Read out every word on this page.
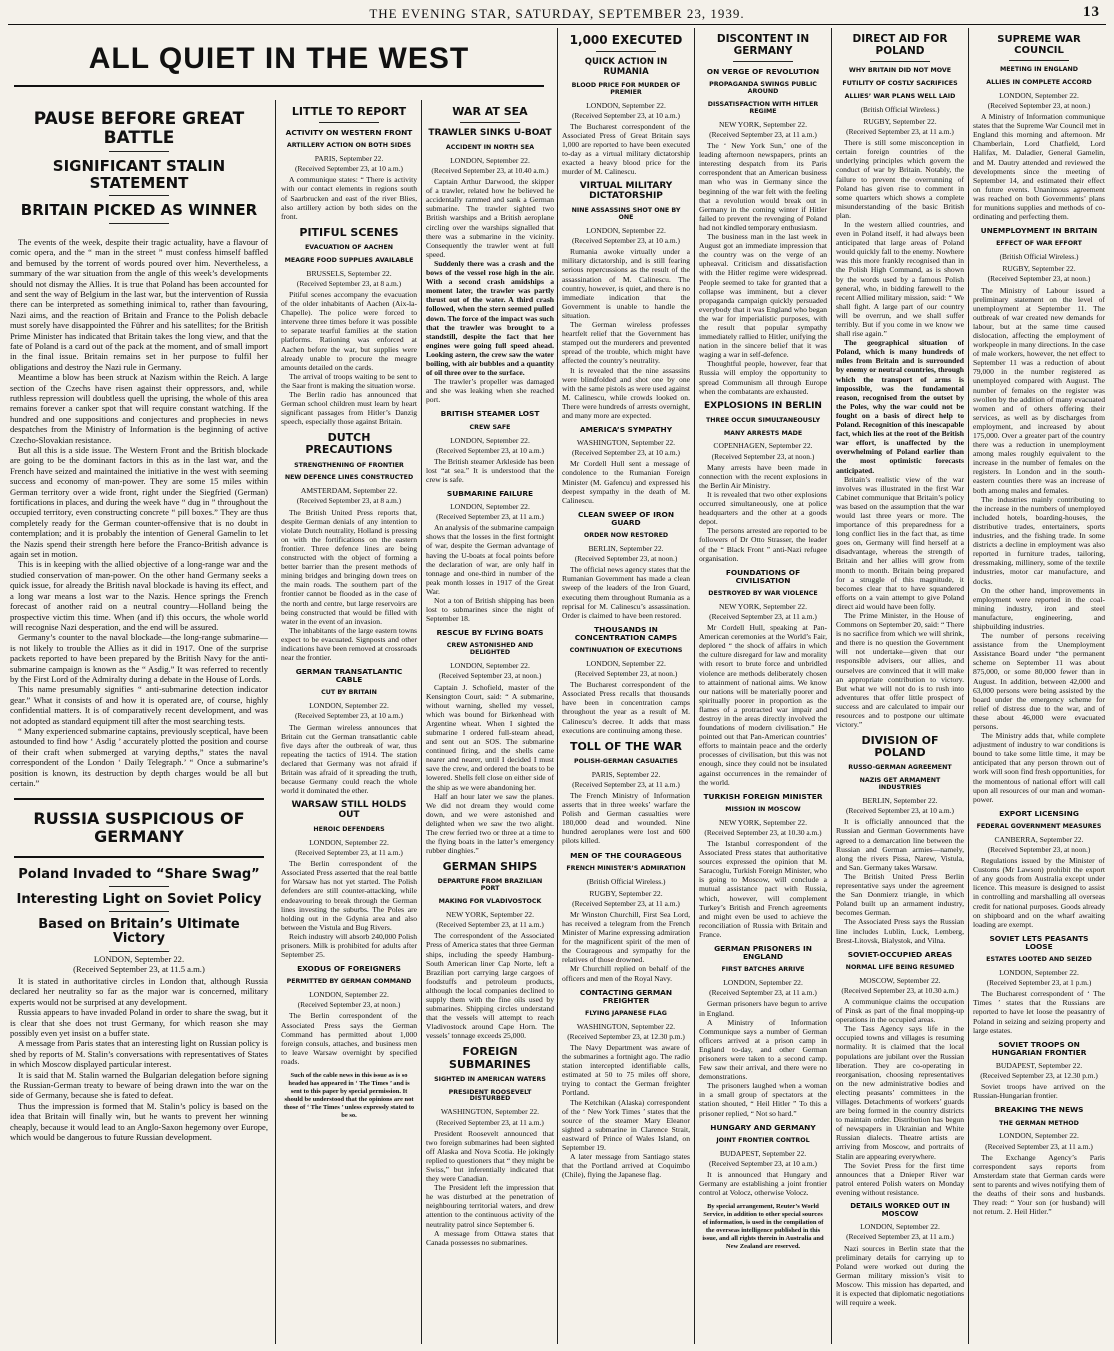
THE EVENING STAR, SATURDAY, SEPTEMBER 23, 1939.	13
ALL QUIET IN THE WEST
PAUSE BEFORE GREAT BATTLE
SIGNIFICANT STALIN STATEMENT
BRITAIN PICKED AS WINNER

The events of the week, despite their tragic actuality, have a flavour of comic opera, and the “ man in the street ” must confess himself baffled and bemused by the torrent of words poured over him. Nevertheless, a summary of the war situation from the angle of this week’s developments should not dismay the Allies. It is true that Poland has been accounted for and sent the way of Belgium in the last war, but the intervention of Russia there can be interpreted as something inimical to, rather than favouring, Nazi aims, and the reaction of Britain and France to the Polish debacle must sorely have disappointed the Führer and his satellites; for the British Prime Minister has indicated that Britain takes the long view, and that the fate of Poland is a card out of the pack at the moment, and of small import in the final issue. Britain remains set in her purpose to fulfil her obligations and destroy the Nazi rule in Germany.

Meantime a blow has been struck at Nazism within the Reich. A large section of the Czechs have risen against their oppressors, and, while ruthless repression will doubtless quell the uprising, the whole of this area remains forever a canker spot that will require constant watching. If the hundred and one suppositions and conjectures and prophecies in news despatches from the Ministry of Information is the beginning of active Czecho-Slovakian resistance.

But all this is a side issue. The Western Front and the British blockade are going to be the dominant factors in this as in the last war, and the French have seized and maintained the initiative in the west with seeming success and economy of man-power. They are some 15 miles within German territory over a wide front, right under the Siegfried (German) fortifications in places, and during the week have “ dug in ” throughout the occupied territory, even constructing concrete “ pill boxes.” They are thus completely ready for the German counter-offensive that is no doubt in contemplation; and it is probably the intention of General Gamelin to let the Nazis spend their strength here before the Franco-British advance is again set in motion.

This is in keeping with the allied objective of a long-range war and the studied conservation of man-power. On the other hand Germany seeks a quick issue, for already the British naval blockade is having its effect, and a long war means a lost war to the Nazis. Hence springs the French forecast of another raid on a neutral country—Holland being the prospective victim this time. When (and if) this occurs, the whole world will recognise Nazi desperation, and the end will be assured.

Germany’s counter to the naval blockade—the long-range submarine—is not likely to trouble the Allies as it did in 1917. One of the surprise packets reported to have been prepared by the British Navy for the anti-submarine campaign is known as the “ Asdig.” It was referred to recently by the First Lord of the Admiralty during a debate in the House of Lords.

This name presumably signifies “ anti-submarine detection indicator gear.” What it consists of and how it is operated are, of course, highly confidential matters. It is of comparatively recent development, and was not adopted as standard equipment till after the most searching tests.

“ Many experienced submarine captains, previously sceptical, have been astounded to find how ‘ Asdig ’ accurately plotted the position and course of their craft when submerged at varying depths,” states the naval correspondent of the London ‘ Daily Telegraph.’ “ Once a submarine’s position is known, its destruction by depth charges would be all but certain.”

RUSSIA SUSPICIOUS OF GERMANY
Poland Invaded to “Share Swag”
Interesting Light on Soviet Policy
Based on Britain’s Ultimate Victory
LONDON, September 22.
(Received September 23, at 11.5 a.m.)

It is stated in authoritative circles in London that, although Russia declared her neutrality so far as the major war is concerned, military experts would not be surprised at any development.

Russia appears to have invaded Poland in order to share the swag, but it is clear that she does not trust Germany, for which reason she may possibly even yet insist on a buffer state.

A message from Paris states that an interesting light on Russian policy is shed by reports of M. Stalin’s conversations with representatives of States in which Moscow displayed particular interest.

It is said that M. Stalin warned the Bulgarian delegation before signing the Russian-German treaty to beware of being drawn into the war on the side of Germany, because she is fated to defeat.

Thus the impression is formed that M. Stalin’s policy is based on the idea that Britain will finally win, but he wants to prevent her winning cheaply, because it would lead to an Anglo-Saxon hegemony over Europe, which would be dangerous to future Russian development.

LITTLE TO REPORT
ACTIVITY ON WESTERN FRONT
ARTILLERY ACTION ON BOTH SIDES
PARIS, September 22.
(Received September 23, at 10 a.m.)

A communique states: “ There is activity with our contact elements in regions south of Saarbrucken and east of the river Blies, also artillery action by both sides on the front.

PITIFUL SCENES
EVACUATION OF AACHEN
MEAGRE FOOD SUPPLIES AVAILABLE
BRUSSELS, September 22.
(Received September 23, at 8 a.m.)

Pitiful scenes accompany the evacuation of the older inhabitants of Aachen (Aix-la-Chapelle). The police were forced to intervene three times before it was possible to separate tearful families at the station platforms. Rationing was enforced at Aachen before the war, but supplies were already unable to procure the meagre amounts detailed on the cards.

The arrival of troops waiting to be sent to the Saar front is making the situation worse.

The Berlin radio has announced that German school children must learn by heart significant passages from Hitler’s Danzig speech, especially those against Britain.

DUTCH PRECAUTIONS
STRENGTHENING OF FRONTIER
NEW DEFENCE LINES CONSTRUCTED
AMSTERDAM, September 22.
(Received September 23, at 8 a.m.)

The British United Press reports that, despite German denials of any intention to violate Dutch neutrality, Holland is pressing on with the fortifications on the eastern frontier. Three defence lines are being constructed with the object of forming a better barrier than the present methods of mining bridges and bringing down trees on the main roads. The southern part of the frontier cannot be flooded as in the case of the north and centre, but large reservoirs are being constructed that would be filled with water in the event of an invasion.

The inhabitants of the large eastern towns expect to be evacuated. Signposts and other indications have been removed at crossroads near the frontier.

GERMAN TRANSATLANTIC CABLE
CUT BY BRITAIN
LONDON, September 22.
(Received September 23, at 10 a.m.)

The German wireless announces that Britain cut the German transatlantic cable five days after the outbreak of war, thus repeating the tactics of 1914. The station declared that Germany was not afraid if Britain was afraid of it spreading the truth, because Germany could reach the whole world it dominated the ether.

WARSAW STILL HOLDS OUT
HEROIC DEFENDERS
LONDON, September 22.
(Received September 23, at 11 a.m.)

The Berlin correspondent of the Associated Press asserted that the real battle for Warsaw has not yet started. The Polish defenders are still counter-attacking, while endeavouring to break through the German lines investing the suburbs. The Poles are holding out in the Gdynia area and also between the Vistula and Bug Rivers.

Reich industry will absorb 240,000 Polish prisoners. Milk is prohibited for adults after September 25.

EXODUS OF FOREIGNERS
PERMITTED BY GERMAN COMMAND
LONDON, September 22.
(Received September 23, at noon.)

The Berlin correspondent of the Associated Press says the German Command has permitted about 1,000 foreign consuls, attaches, and business men to leave Warsaw overnight by specified roads.

Such of the cable news in this issue as is so headed has appeared in ‘ The Times ’ and is sent to this paper by special permission. It should be understood that the opinions are not those of ‘ The Times ’ unless expressly stated to be so.
WAR AT SEA
TRAWLER SINKS U-BOAT
ACCIDENT IN NORTH SEA
LONDON, September 22.
(Received September 23, at 10.40 a.m.)

Captain Arthur Darwood, the skipper of a trawler, related how he believed he accidentally rammed and sank a German submarine. The trawler sighted two British warships and a British aeroplane circling over the warships signalled that there was a submarine in the vicinity. Consequently the trawler went at full speed.

Suddenly there was a crash and the bows of the vessel rose high in the air. With a second crash amidships a moment later, the trawler was partly thrust out of the water. A third crash followed, when the stern seemed pulled down. The force of the impact was such that the trawler was brought to a standstill, despite the fact that her engines were going full speed ahead. Looking astern, the crew saw the water boiling, with air bubbles and a quantity of oil three over to the surface.

The trawler’s propeller was damaged and she was leaking when she reached port.

BRITISH STEAMER LOST
CREW SAFE
LONDON, September 22.
(Received September 23, at 10 a.m.)

The British steamer Arkleside has been lost “at sea.” It is understood that the crew is safe.

SUBMARINE FAILURE
LONDON, September 22.
(Received September 23, at 11 a.m.)

An analysis of the submarine campaign shows that the losses in the first fortnight of war, despite the German advantage of having the U-boats at focal points before the declaration of war, are only half in tonnage and one-third in number of the peak month losses in 1917 of the Great War.

Not a ton of British shipping has been lost to submarines since the night of September 18.

RESCUE BY FLYING BOATS
CREW ASTONISHED AND DELIGHTED
LONDON, September 22.
(Received September 23, at noon.)

Captain J. Schofield, master of the Kensington Court, said: “ A submarine, without warning, shelled my vessel, which was bound for Birkenhead with Argentine wheat. When I sighted the submarine I ordered full-steam ahead, and sent out an SOS. The submarine continued firing, and the shells came nearer and nearer, until I decided I must save the crew, and ordered the boats to be lowered. Shells fell close on either side of the ship as we were abandoning her.

Half an hour later we saw the planes. We did not dream they would come down, and we were astonished and delighted when we saw the two alight. The crew ferried two or three at a time to the flying boats in the latter’s emergency rubber dinghies.”

GERMAN SHIPS
DEPARTURE FROM BRAZILIAN PORT
MAKING FOR VLADIVOSTOCK
NEW YORK, September 22.
(Received September 23, at 11 a.m.)

The correspondent of the Associated Press of America states that three German ships, including the speedy Hamburg-South American liner Cap Norte, left a Brazilian port carrying large cargoes of foodstuffs and petroleum products, although the local companies declined to supply them with the fine oils used by submarines. Shipping circles understand that the vessels will attempt to reach Vladivostock around Cape Horn. The vessels’ tonnage exceeds 25,000.

FOREIGN SUBMARINES
SIGHTED IN AMERICAN WATERS
PRESIDENT ROOSEVELT DISTURBED
WASHINGTON, September 22.
(Received September 23, at 11 a.m.)

President Roosevelt announced that two foreign submarines had been sighted off Alaska and Nova Scotia. He jokingly replied to questioners that “ they might be Swiss,” but inferentially indicated that they were Canadian.

The President left the impression that he was disturbed at the penetration of neighbouring territorial waters, and drew attention to the continuous activity of the neutrality patrol since September 6.

A message from Ottawa states that Canada possesses no submarines.

1,000 EXECUTED
QUICK ACTION IN RUMANIA
BLOOD PRICE FOR MURDER OF PREMIER
LONDON, September 22.
(Received September 23, at 10 a.m.)

The Bucharest correspondent of the Associated Press of Great Britain says 1,000 are reported to have been executed to-day as a virtual military dictatorship exacted a heavy blood price for the murder of M. Calinescu.

VIRTUAL MILITARY DICTATORSHIP
NINE ASSASSINS SHOT ONE BY ONE
LONDON, September 22.
(Received September 23, at 10 a.m.)

Rumania awoke virtually under a military dictatorship, and is still fearing serious repercussions as the result of the assassination of M. Calinescu. The country, however, is quiet, and there is no immediate indication that the Government is unable to handle the situation.

The German wireless professes heartfelt relief that the Government has stamped out the murderers and prevented spread of the trouble, which might have affected the country’s neutrality.

It is revealed that the nine assassins were blindfolded and shot one by one with the same pistols as were used against M. Calinescu, while crowds looked on. There were hundreds of arrests overnight, and many more are expected.

AMERICA’S SYMPATHY
WASHINGTON, September 22.
(Received September 23, at 10 a.m.)

Mr Cordell Hull sent a message of condolence to the Rumanian Foreign Minister (M. Gafencu) and expressed his deepest sympathy in the death of M. Calinescu.

CLEAN SWEEP OF IRON GUARD
ORDER NOW RESTORED
BERLIN, September 22.
(Received September 23, at noon.)

The official news agency states that the Rumanian Government has made a clean sweep of the leaders of the Iron Guard, executing them throughout Rumania as a reprisal for M. Calinescu’s assassination. Order is claimed to have been restored.

THOUSANDS IN CONCENTRATION CAMPS
CONTINUATION OF EXECUTIONS
LONDON, September 22.
(Received September 23, at noon.)

The Bucharest correspondent of the Associated Press recalls that thousands have been in concentration camps throughout the year as a result of M. Calinescu’s decree. It adds that mass executions are continuing among these.

TOLL OF THE WAR
POLISH-GERMAN CASUALTIES
PARIS, September 22.
(Received September 23, at 11 a.m.)

The French Ministry of Information asserts that in three weeks’ warfare the Polish and German casualties were 180,000 dead and wounded. Nine hundred aeroplanes were lost and 600 pilots killed.

MEN OF THE COURAGEOUS
FRENCH MINISTER’S ADMIRATION
(British Official Wireless.)
RUGBY, September 22.
(Received September 23, at 11 a.m.)

Mr Winston Churchill, First Sea Lord, has received a telegram from the French Minister of Marine expressing admiration for the magnificent spirit of the men of the Courageous and sympathy for the relatives of those drowned.

Mr Churchill replied on behalf of the officers and men of the Royal Navy.

CONTACTING GERMAN FREIGHTER
FLYING JAPANESE FLAG
WASHINGTON, September 22.
(Received September 23, at 12.30 p.m.)

The Navy Department was aware of the submarines a fortnight ago. The radio station intercepted identifiable calls, estimated at 50 to 75 miles off shore, trying to contact the German freighter Portland.

The Ketchikan (Alaska) correspondent of the ‘ New York Times ’ states that the source of the steamer Mary Eleanor sighted a submarine in Clarence Strait, eastward of Prince of Wales Island, on September 19.

A later message from Santiago states that the Portland arrived at Coquimbo (Chile), flying the Japanese flag.

DISCONTENT IN GERMANY
ON VERGE OF REVOLUTION
PROPAGANDA SWINGS PUBLIC AROUND
DISSATISFACTION WITH HITLER REGIME
NEW YORK, September 22.
(Received September 23, at 11 a.m.)

The ‘ New York Sun,’ one of the leading afternoon newspapers, prints an interesting despatch from its Paris correspondent that an American business man who was in Germany since the beginning of the war felt with the feeling that a revolution would break out in Germany in the coming winter if Hitler failed to prevent the revenging of Poland had not kindled temporary enthusiasm.

The business man in the last week in August got an immediate impression that the country was on the verge of an upheaval. Criticism and dissatisfaction with the Hitler regime were widespread. People seemed to take for granted that a collapse was imminent, but a clever propaganda campaign quickly persuaded everybody that it was England who began the war for imperialistic purposes, with the result that popular sympathy immediately rallied to Hitler, unifying the nation in the sincere belief that it was waging a war in self-defence.

Thoughtful people, however, fear that Russia will employ the opportunity to spread Communism all through Europe when the combatants are exhausted.

EXPLOSIONS IN BERLIN
THREE OCCUR SIMULTANEOUSLY
MANY ARRESTS MADE
COPENHAGEN, September 22.
(Received September 23, at noon.)

Many arrests have been made in connection with the recent explosions in the Berlin Air Ministry.

It is revealed that two other explosions occurred simultaneously, one at police headquarters and the other at a goods depot.

The persons arrested are reported to be followers of Dr Otto Strasser, the leader of the “ Black Front ” anti-Nazi refugee organisation.

FOUNDATIONS OF CIVILISATION
DESTROYED BY WAR VIOLENCE
NEW YORK, September 22.
(Received September 23, at 11 a.m.)

Mr Cordell Hull, speaking at Pan-American ceremonies at the World’s Fair, deplored “ the shock of affairs in which the culture disregard for law and morality with resort to brute force and unbridled violence are methods deliberately chosen to attainment of national aims. We know our nations will be materially poorer and spiritually poorer in proportion as the flames of a protracted war impair and destroy in the areas directly involved the foundations of modern civilisation.” He pointed out that Pan-American countries’ efforts to maintain peace and the orderly processes of civilisation, but this was not enough, since they could not be insulated against occurrences in the remainder of the world.

TURKISH FOREIGN MINISTER
MISSION IN MOSCOW
NEW YORK, September 22.
(Received September 23, at 10.30 a.m.)

The Istanbul correspondent of the Associated Press states that authoritative sources expressed the opinion that M. Saracoglu, Turkish Foreign Minister, who is going to Moscow, will conclude a mutual assistance pact with Russia, which, however, will complement Turkey’s British and French agreements and might even be used to achieve the reconciliation of Russia with Britain and France.

GERMAN PRISONERS IN ENGLAND
FIRST BATCHES ARRIVE
LONDON, September 22.
(Received September 23, at 11 a.m.)

German prisoners have begun to arrive in England.

A Ministry of Information Communique says a number of German officers arrived at a prison camp in England to-day, and other German prisoners were taken to a second camp. Few saw their arrival, and there were no demonstrations.

The prisoners laughed when a woman in a small group of spectators at the station shouted, “ Heil Hitler ” To this a prisoner replied, “ Not so hard.”

HUNGARY AND GERMANY
JOINT FRONTIER CONTROL
BUDAPEST, September 22.
(Received September 23, at 10 a.m.)

It is announced that Hungary and Germany are establishing a joint frontier control at Volocz, otherwise Volocz.

By special arrangement, Reuter’s World Service, in addition to other special sources of information, is used in the compilation of the overseas intelligence published in this issue, and all rights therein in Australia and New Zealand are reserved.
DIRECT AID FOR POLAND
WHY BRITAIN DID NOT MOVE
FUTILITY OF COSTLY SACRIFICES
ALLIES’ WAR PLANS WELL LAID
(British Official Wireless.)
RUGBY, September 22.
(Received September 23, at 11 a.m.)

There is still some misconception in certain foreign countries of the underlying principles which govern the conduct of war by Britain. Notably, the failure to prevent the overrunning of Poland has given rise to comment in some quarters which shows a complete misunderstanding of the basic British plan.

In the western allied countries, and even in Poland itself, it had always been anticipated that large areas of Poland would quickly fall to the enemy. Nowhere was this more frankly recognised than in the Polish High Command, as is shown by the words used by a famous Polish general, who, in bidding farewell to the recent Allied military mission, said: “ We shall fight. A large part of our country will be overrun, and we shall suffer terribly. But if you come in we know we shall rise again.”

The geographical situation of Poland, which is many hundreds of miles from Britain and is surrounded by enemy or neutral countries, through which the transport of arms is impossible, was the fundamental reason, recognised from the outset by the Poles, why the war could not be fought on a basis of direct help to Poland. Recognition of this inescapable fact, which lies at the root of the British war effort, is unaffected by the overwhelming of Poland earlier than the most optimistic forecasts anticipated.

Britain’s realistic view of the war involves was illustrated in the first War Cabinet communique that Britain’s policy was based on the assumption that the war would last three years or more. The importance of this preparedness for a long conflict lies in the fact that, as time goes on, Germany will find herself at a disadvantage, whereas the strength of Britain and her allies will grow from month to month. Britain being prepared for a struggle of this magnitude, it becomes clear that to have squandered efforts on a vain attempt to give Poland direct aid would have been folly.

The Prime Minister, in the House of Commons on September 20, said: “ There is no sacrifice from which we will shrink, and there is no question the Government will not undertake—given that our responsible advisers, our allies, and ourselves are convinced that it will make an appropriate contribution to victory. But what we will not do is to rush into adventures that offer little prospect of success and are calculated to impair our resources and to postpone our ultimate victory.”

DIVISION OF POLAND
RUSSO-GERMAN AGREEMENT
NAZIS GET ARMAMENT INDUSTRIES
BERLIN, September 22.
(Received September 23, at 10 a.m.)

It is officially announced that the Russian and German Governments have agreed to a demarcation line between the Russian and German armies—namely, along the rivers Pissa, Narew, Vistula, and San. Germany takes Warsaw.

The British United Press Berlin representative says under the agreement the San Donmierz triangle, in which Poland built up an armament industry, becomes German.

The Associated Press says the Russian line includes Lublin, Luck, Lemberg, Brest-Litovsk, Bialystok, and Vilna.

SOVIET-OCCUPIED AREAS
NORMAL LIFE BEING RESUMED
MOSCOW, September 22.
(Received September 23, at 10.30 a.m.)

A communique claims the occupation of Pinsk as part of the final mopping-up operations in the occupied areas.

The Tass Agency says life in the occupied towns and villages is resuming normality. It is claimed that the local populations are jubilant over the Russian liberation. They are co-operating in reorganisation, choosing representatives on the new administrative bodies and electing peasants’ committees in the villages. Detachments of workers’ guards are being formed in the country districts to maintain order. Distribution has begun of newspapers in Ukrainian and White Russian dialects. Theatre artists are arriving from Moscow, and portraits of Stalin are appearing everywhere.

The Soviet Press for the first time announces that a Dnieper River war patrol entered Polish waters on Monday evening without resistance.

DETAILS WORKED OUT IN MOSCOW
LONDON, September 22.
(Received September 23, at 11 a.m.)

Nazi sources in Berlin state that the preliminary details for carrying up to Poland were worked out during the German military mission’s visit to Moscow. This mission has departed, and it is expected that diplomatic negotiations will require a week.

SUPREME WAR COUNCIL
MEETING IN ENGLAND
ALLIES IN COMPLETE ACCORD
LONDON, September 22.
(Received September 23, at noon.)

A Ministry of Information communique states that the Supreme War Council met in England this morning and afternoon. Mr Chamberlain, Lord Chatfield, Lord Halifax, M. Daladier, General Gamelin, and M. Dautry attended and reviewed the developments since the meeting of September 14, and estimated their effect on future events. Unanimous agreement was reached on both Governments’ plans for munitions supplies and methods of co-ordinating and perfecting them.

UNEMPLOYMENT IN BRITAIN
EFFECT OF WAR EFFORT
(British Official Wireless.)
RUGBY, September 22.
(Received September 23, at noon.)

The Ministry of Labour issued a preliminary statement on the level of unemployment at September 11. The outbreak of war created new demands for labour, but at the same time caused dislocation, affecting the employment of workpeople in many directions. In the case of male workers, however, the net effect to September 11 was a reduction of about 79,000 in the number registered as unemployed compared with August. The number of females on the register was swollen by the addition of many evacuated women and of others offering their services, as well as by discharges from employment, and increased by about 175,000. Over a greater part of the country there was a reduction in unemployment among males roughly equivalent to the increase in the number of females on the registers. In London and in the south-eastern counties there was an increase of both among males and females.

The industries mainly contributing to the increase in the numbers of unemployed included hotels, boarding-houses, the distributive trades, entertainers, sports industries, and the fishing trade. In some districts a decline in employment was also reported in furniture trades, tailoring, dressmaking, millinery, some of the textile industries, motor car manufacture, and docks.

On the other hand, improvements in employment were reported in the coal-mining industry, iron and steel manufacture, engineering, and shipbuilding industries.

The number of persons receiving assistance from the Unemployment Assistance Board under “the permanent scheme on September 11 was about 875,000, or some 80,000 fewer than in August. In addition, between 42,000 and 63,000 persons were being assisted by the board under the emergency scheme for relief of distress due to the war, and of these about 46,000 were evacuated persons.

The Ministry adds that, while complete adjustment of industry to war conditions is bound to take some little time, it may be anticipated that any person thrown out of work will soon find fresh opportunities, for the momentous of national effort will call upon all resources of our man and woman-power.

EXPORT LICENSING
FEDERAL GOVERNMENT MEASURES
CANBERRA, September 22.
(Received September 23, at noon.)

Regulations issued by the Minister of Customs (Mr Lawson) prohibit the export of any goods from Australia except under licence. This measure is designed to assist in controlling and marshalling all overseas credit for national purposes. Goods already on shipboard and on the wharf awaiting loading are exempt.

SOVIET LETS PEASANTS LOOSE
ESTATES LOOTED AND SEIZED
LONDON, September 22.
(Received September 23, at 1 p.m.)

The Bucharest correspondent of ‘ The Times ’ states that the Russians are reported to have let loose the peasantry of Poland in seizing and seizing property and large estates.

SOVIET TROOPS ON HUNGARIAN FRONTIER
BUDAPEST, September 22.
(Received September 23, at 12.30 p.m.)

Soviet troops have arrived on the Russian-Hungarian frontier.

BREAKING THE NEWS
THE GERMAN METHOD
LONDON, September 22.
(Received September 23, at 11 a.m.)

The Exchange Agency’s Paris correspondent says reports from Amsterdam state that German cards were sent to parents and wives notifying them of the deaths of their sons and husbands. They read: “ Your son (or husband) will not return. 2. Heil Hitler.”
